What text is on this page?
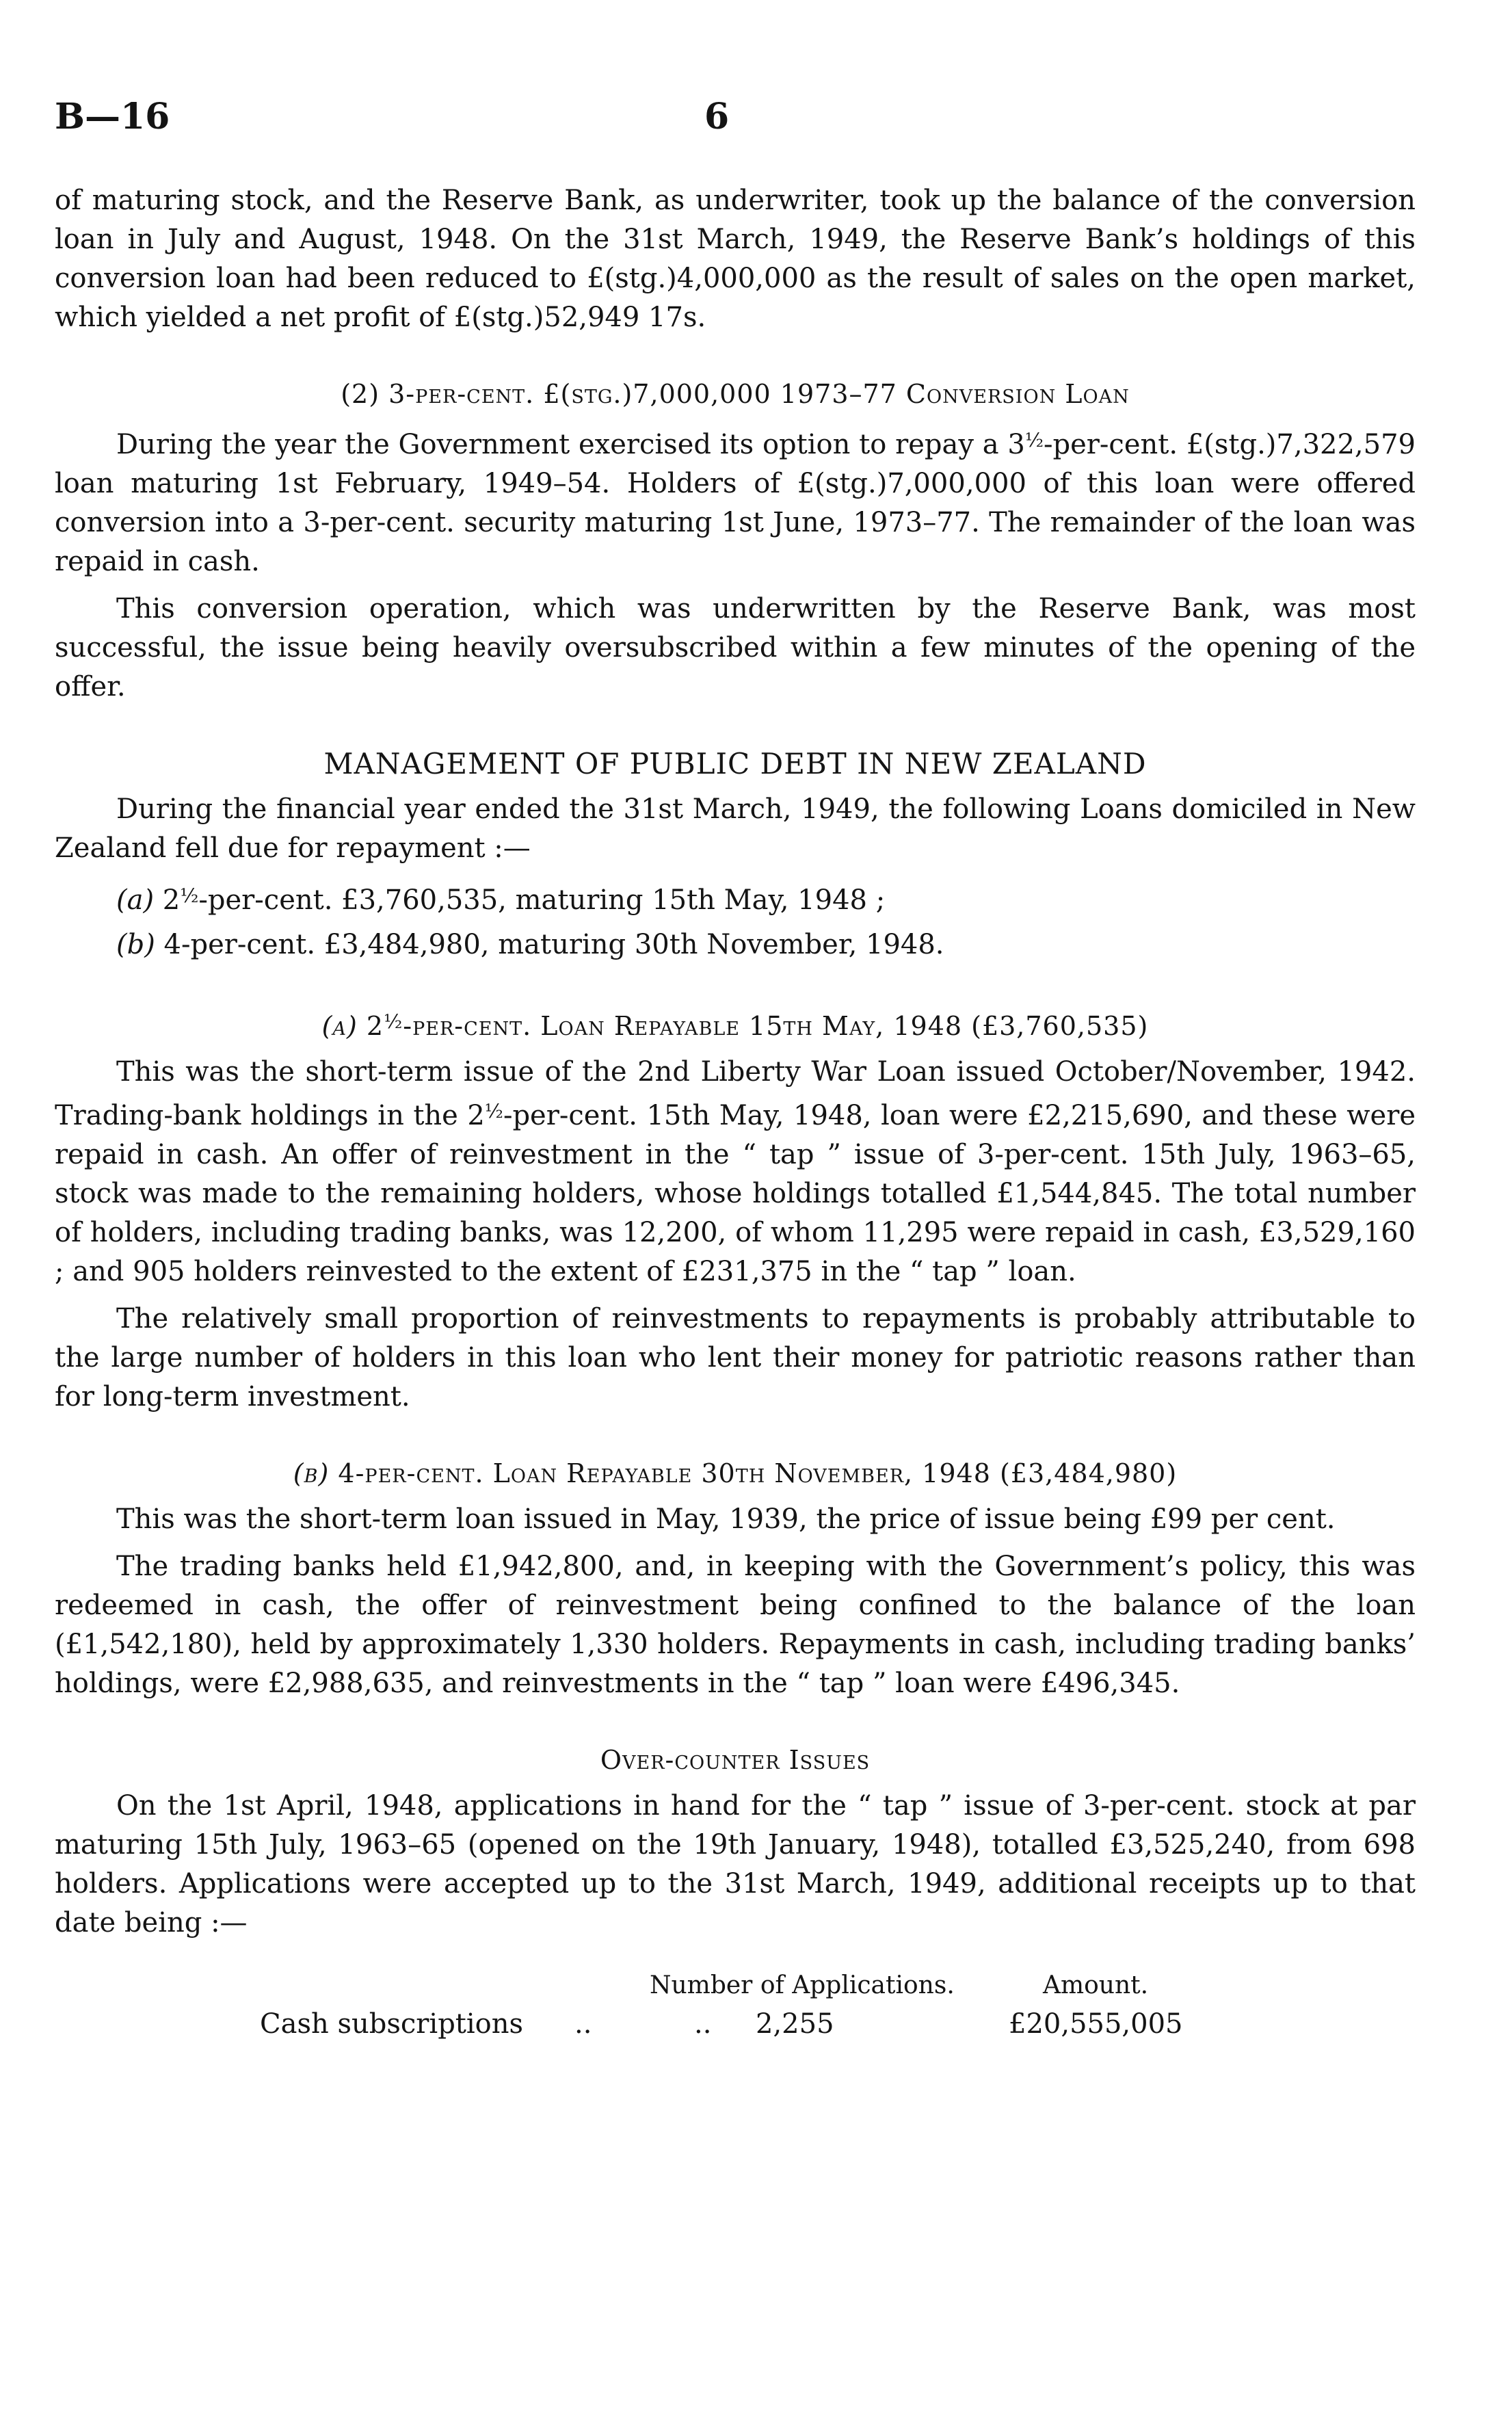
B—16	6

of maturing stock, and the Reserve Bank, as underwriter, took up the balance of the conversion loan in July and August, 1948. On the 31st March, 1949, the Reserve Bank’s holdings of this conversion loan had been reduced to £(stg.)4,000,000 as the result of sales on the open market, which yielded a net profit of £(stg.)52,949 17s.

(2) 3-per-cent. £(stg.)7,000,000 1973–77 Conversion Loan

During the year the Government exercised its option to repay a $3^{\frac{1}{2}}-per$-cent. £(stg.)7,322,579 loan maturing 1st February, 1949–54. Holders of £(stg.)7,000,000 of this loan were offered conversion into a 3-per-cent. security maturing 1st June, 1973–77. The remainder of the loan was repaid in cash.

This conversion operation, which was underwritten by the Reserve Bank, was most successful, the issue being heavily oversubscribed within a few minutes of the opening of the offer.

MANAGEMENT OF PUBLIC DEBT IN NEW ZEALAND

During the financial year ended the 31st March, 1949, the following Loans domiciled in New Zealand fell due for repayment :—

(a) $2^{\frac{1}{2}}-per$-cent. £3,760,535, maturing 15th May, 1948 ;
(b) 4-per-cent. £3,484,980, maturing 30th November, 1948.
(a) $2^{\frac{1}{2}}-per$-cent. Loan Repayable 15th May, 1948 (£3,760,535)

This was the short-term issue of the 2nd Liberty War Loan issued October/November, 1942. Trading-bank holdings in the $2^{\frac{1}{2}}-per$-cent. 15th May, 1948, loan were £2,215,690, and these were repaid in cash. An offer of reinvestment in the “ tap ” issue of 3-per-cent. 15th July, 1963–65, stock was made to the remaining holders, whose holdings totalled £1,544,845. The total number of holders, including trading banks, was 12,200, of whom 11,295 were repaid in cash, £3,529,160 ; and 905 holders reinvested to the extent of £231,375 in the “ tap ” loan.

The relatively small proportion of reinvestments to repayments is probably attributable to the large number of holders in this loan who lent their money for patriotic reasons rather than for long-term investment.

(b) 4-per-cent. Loan Repayable 30th November, 1948 (£3,484,980)

This was the short-term loan issued in May, 1939, the price of issue being £99 per cent.

The trading banks held £1,942,800, and, in keeping with the Government’s policy, this was redeemed in cash, the offer of reinvestment being confined to the balance of the loan (£1,542,180), held by approximately 1,330 holders. Repayments in cash, including trading banks’ holdings, were £2,988,635, and reinvestments in the “ tap ” loan were £496,345.

Over-counter Issues

On the 1st April, 1948, applications in hand for the “ tap ” issue of 3-per-cent. stock at par maturing 15th July, 1963–65 (opened on the 19th January, 1948), totalled £3,525,240, from 698 holders. Applications were accepted up to the 31st March, 1949, additional receipts up to that date being :—

Number of Applications.	Amount.
Cash subscriptions ..	.. 2,255	£20,555,005
